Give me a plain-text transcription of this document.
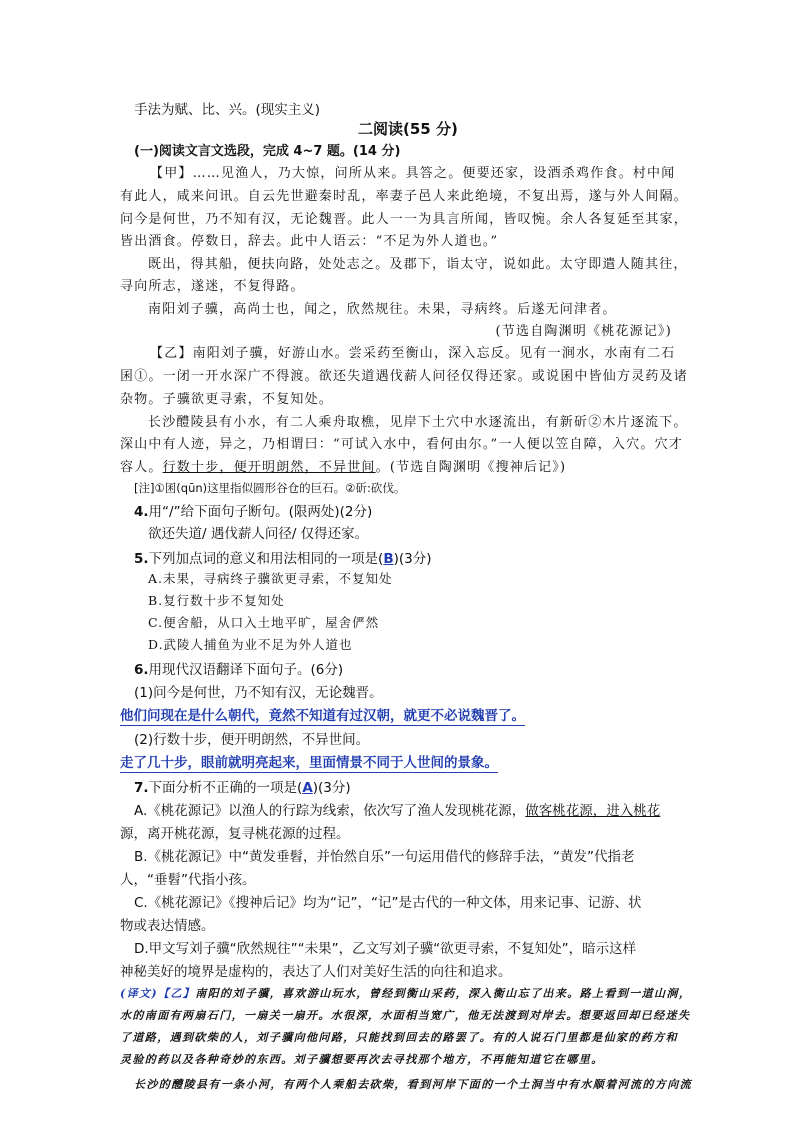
手法为赋、比、兴。(现实主义)
二阅读(55 分)
(一)阅读文言文选段，完成 4~7 题。(14 分)
【甲】……见渔人，乃大惊，问所从来。具答之。便要还家，设酒杀鸡作食。村中闻
有此人，咸来问讯。自云先世避秦时乱，率妻子邑人来此绝境，不复出焉，遂与外人间隔。
问今是何世，乃不知有汉，无论魏晋。此人一一为具言所闻，皆叹惋。余人各复延至其家，
皆出酒食。停数日，辞去。此中人语云：“不足为外人道也。”
既出，得其船，便扶向路，处处志之。及郡下，诣太守，说如此。太守即遣人随其往，
寻向所志，遂迷，不复得路。
南阳刘子骥，高尚士也，闻之，欣然规往。未果，寻病终。后遂无问津者。
(节选自陶渊明《桃花源记》)
【乙】南阳刘子骥，好游山水。尝采药至衡山，深入忘反。见有一涧水，水南有二石
囷①。一闭一开水深广不得渡。欲还失道遇伐薪人问径仅得还家。或说囷中皆仙方灵药及诸
杂物。子骥欲更寻索，不复知处。
长沙醴陵县有小水，有二人乘舟取樵，见岸下土穴中水逐流出，有新斫②木片逐流下。
深山中有人迹，异之，乃相谓曰：“可试入水中，看何由尔。”一人便以笠自障，入穴。穴才
容人。行数十步，便开明朗然，不异世间。(节选自陶渊明《搜神后记》)
[注]①囷(qūn)这里指似圆形谷仓的巨石。②斫:砍伐。
4.用“/”给下面句子断句。(限两处)(2分)
欲还失道/ 遇伐薪人问径/ 仅得还家。
5.下列加点词的意义和用法相同的一项是(B)(3分)
A.未果，寻病终子骥欲更寻索，不复知处
B.复行数十步不复知处
C.便舍船，从口入土地平旷，屋舍俨然
D.武陵人捕鱼为业不足为外人道也
6.用现代汉语翻译下面句子。(6分)
(1)问今是何世，乃不知有汉，无论魏晋。
他们问现在是什么朝代，竟然不知道有过汉朝，就更不必说魏晋了。
(2)行数十步，便开明朗然，不异世间。
走了几十步，眼前就明亮起来，里面情景不同于人世间的景象。
7.下面分析不正确的一项是(A)(3分)
A.《桃花源记》以渔人的行踪为线索，依次写了渔人发现桃花源，做客桃花源，进入桃花
源，离开桃花源，复寻桃花源的过程。
B.《桃花源记》中“黄发垂髫，并怡然自乐”一句运用借代的修辞手法，“黄发”代指老
人，“垂髫”代指小孩。
C.《桃花源记》《搜神后记》均为“记”，“记”是古代的一种文体，用来记事、记游、状
物或表达情感。
D.甲文写刘子骥“欣然规往”“未果”，乙文写刘子骥“欲更寻索，不复知处”，暗示这样
神秘美好的境界是虚构的，表达了人们对美好生活的向往和追求。
(译文)【乙】南阳的刘子骥，喜欢游山玩水，曾经到衡山采药，深入衡山忘了出来。路上看到一道山涧，
水的南面有两扇石门，一扇关一扇开。水很深，水面相当宽广，他无法渡到对岸去。想要返回却已经迷失
了道路，遇到砍柴的人，刘子骥向他问路，只能找到回去的路罢了。有的人说石门里都是仙家的药方和
灵验的药以及各种奇妙的东西。刘子骥想要再次去寻找那个地方，不再能知道它在哪里。
长沙的醴陵县有一条小河，有两个人乘船去砍柴，看到河岸下面的一个土洞当中有水顺着河流的方向流
